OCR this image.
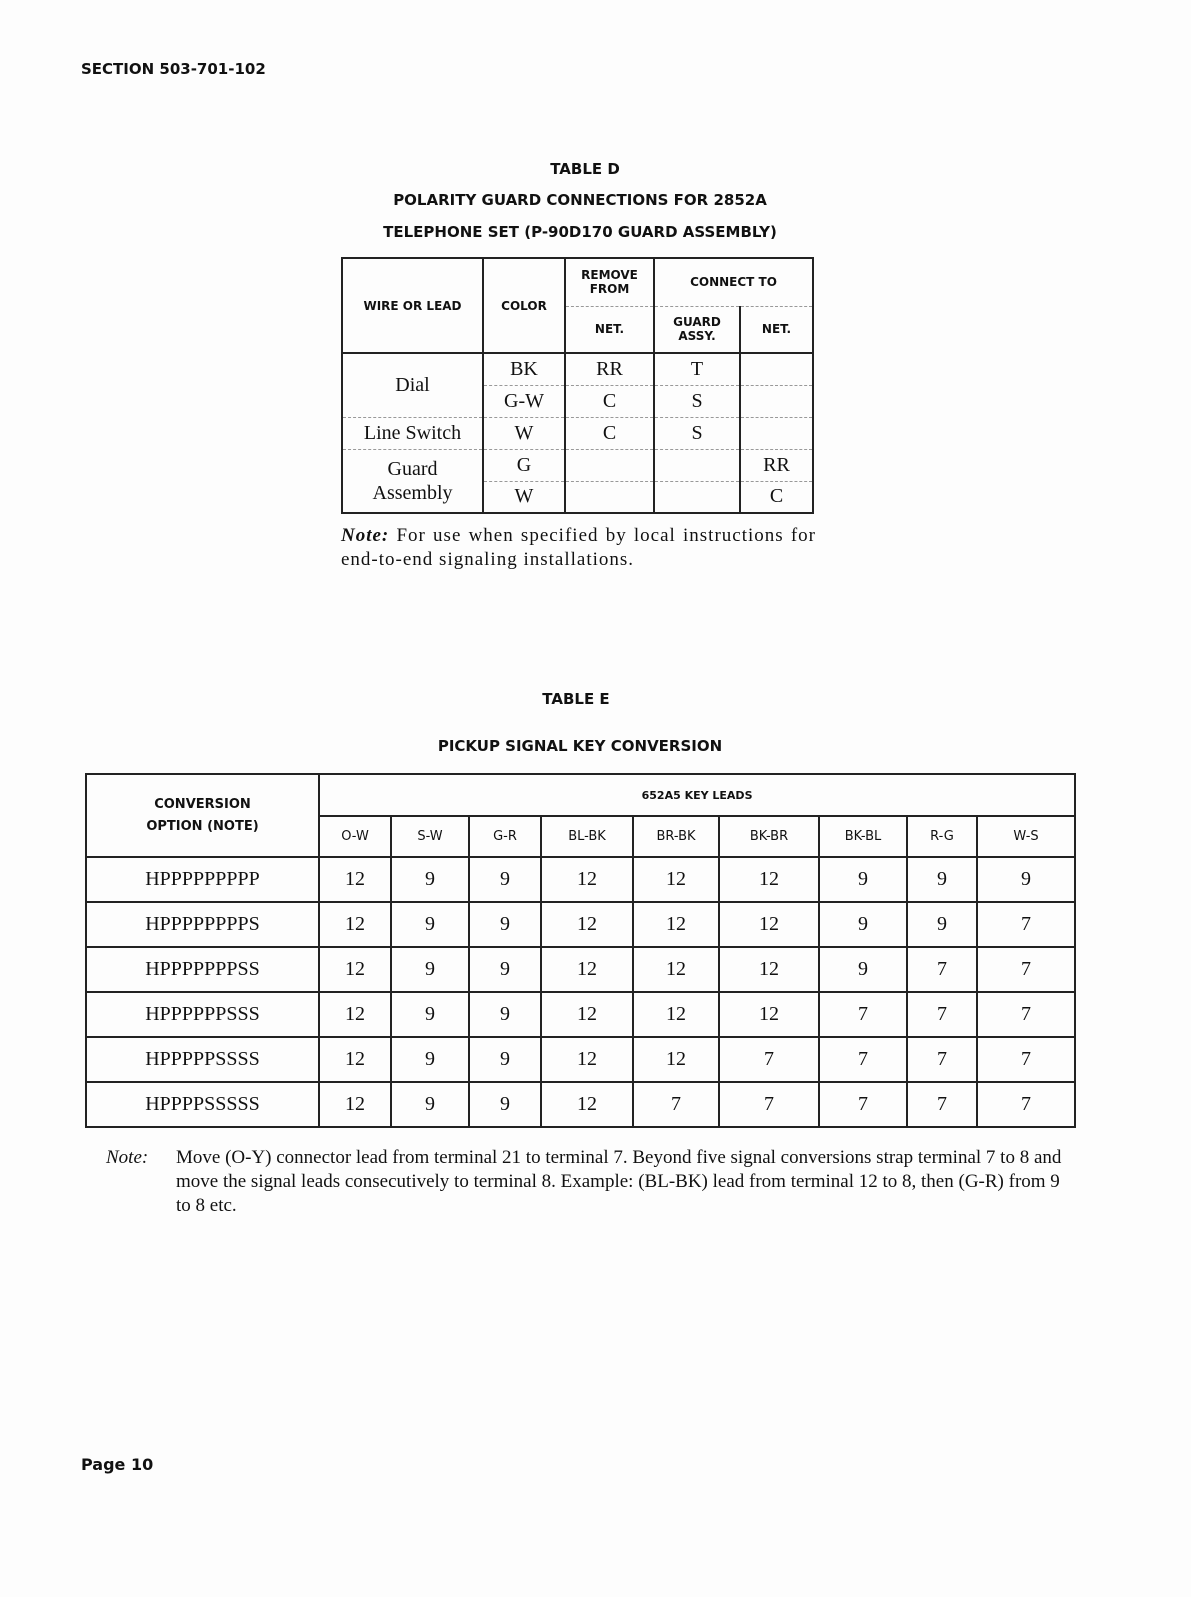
SECTION 503-701-102
TABLE D
POLARITY GUARD CONNECTIONS FOR 2852A
TELEPHONE SET (P-90D170 GUARD ASSEMBLY)
WIRE OR LEAD	COLOR	REMOVE FROM	CONNECT TO	
		NET.	GUARD ASSY.	NET.
Dial	BK	RR	T	
	G-W	C	S	
Line Switch	W	C	S	
Guard Assembly	G			RR
	W			C
Note: For use when specified by local instructions for end-to-end signaling installations.
TABLE E
PICKUP SIGNAL KEY CONVERSION
CONVERSION OPTION (NOTE)	652A5 KEY LEADS								
	O-W	S-W	G-R	BL-BK	BR-BK	BK-BR	BK-BL	R-G	W-S
HPPPPPPPPP	12	9	9	12	12	12	9	9	9
HPPPPPPPPS	12	9	9	12	12	12	9	9	7
HPPPPPPPSS	12	9	9	12	12	12	9	7	7
HPPPPPPSSS	12	9	9	12	12	12	7	7	7
HPPPPPSSSS	12	9	9	12	12	7	7	7	7
HPPPPSSSSS	12	9	9	12	7	7	7	7	7
Note: Move (O-Y) connector lead from terminal 21 to terminal 7. Beyond five signal conversions strap terminal 7 to 8 and move the signal leads consecutively to terminal 8. Example: (BL-BK) lead from terminal 12 to 8, then (G-R) from 9 to 8 etc.
Page 10
